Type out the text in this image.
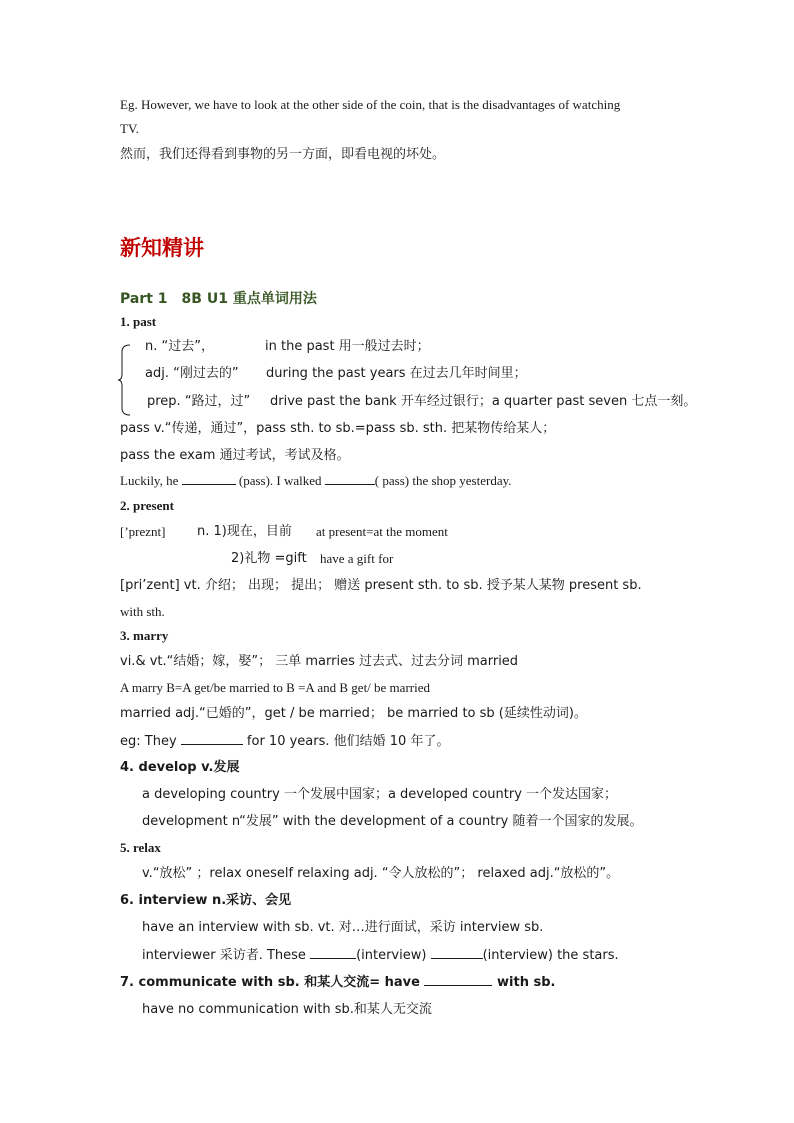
Eg. However, we have to look at the other side of the coin, that is the disadvantages of watching
TV.
然而，我们还得看到事物的另一方面，即看电视的坏处。
新知精讲
Part 1　8B U1 重点单词用法
1. past
n. “过去”，	in the past 用一般过去时；
adj. “刚过去的” during the past years 在过去几年时间里；
prep. “路过，过” drive past the bank 开车经过银行；a quarter past seven 七点一刻。
pass v.“传递，通过”，pass sth. to sb.=pass sb. sth. 把某物传给某人；
pass the exam 通过考试，考试及格。
Luckily, he	(pass). I walked	( pass) the shop yesterday.
2. present
[’preznt] n. 1)现在，目前 at present=at the moment
2)礼物 =gift have a gift for
[pri’zent] vt. 介绍； 出现； 提出； 赠送 present sth. to sb. 授予某人某物 present sb.
with sth.
3. marry
vi.& vt.“结婚；嫁，娶”； 三单 marries 过去式、过去分词 married
A marry B=A get/be married to B =A and B get/ be married
married adj.“已婚的”，get / be married； be married to sb (延续性动词)。
eg: They	for 10 years. 他们结婚 10 年了。
4. develop v.发展
a developing country 一个发展中国家；a developed country 一个发达国家；
development n“发展” with the development of a country 随着一个国家的发展。
5. relax
v.“放松” ；relax oneself relaxing adj. “令人放松的”； relaxed adj.“放松的”。
6. interview n.采访、会见
have an interview with sb. vt. 对…进行面试，采访 interview sb.
interviewer 采访者. These	(interview)	(interview) the stars.
7. communicate with sb. 和某人交流= have	with sb.
have no communication with sb.和某人无交流
